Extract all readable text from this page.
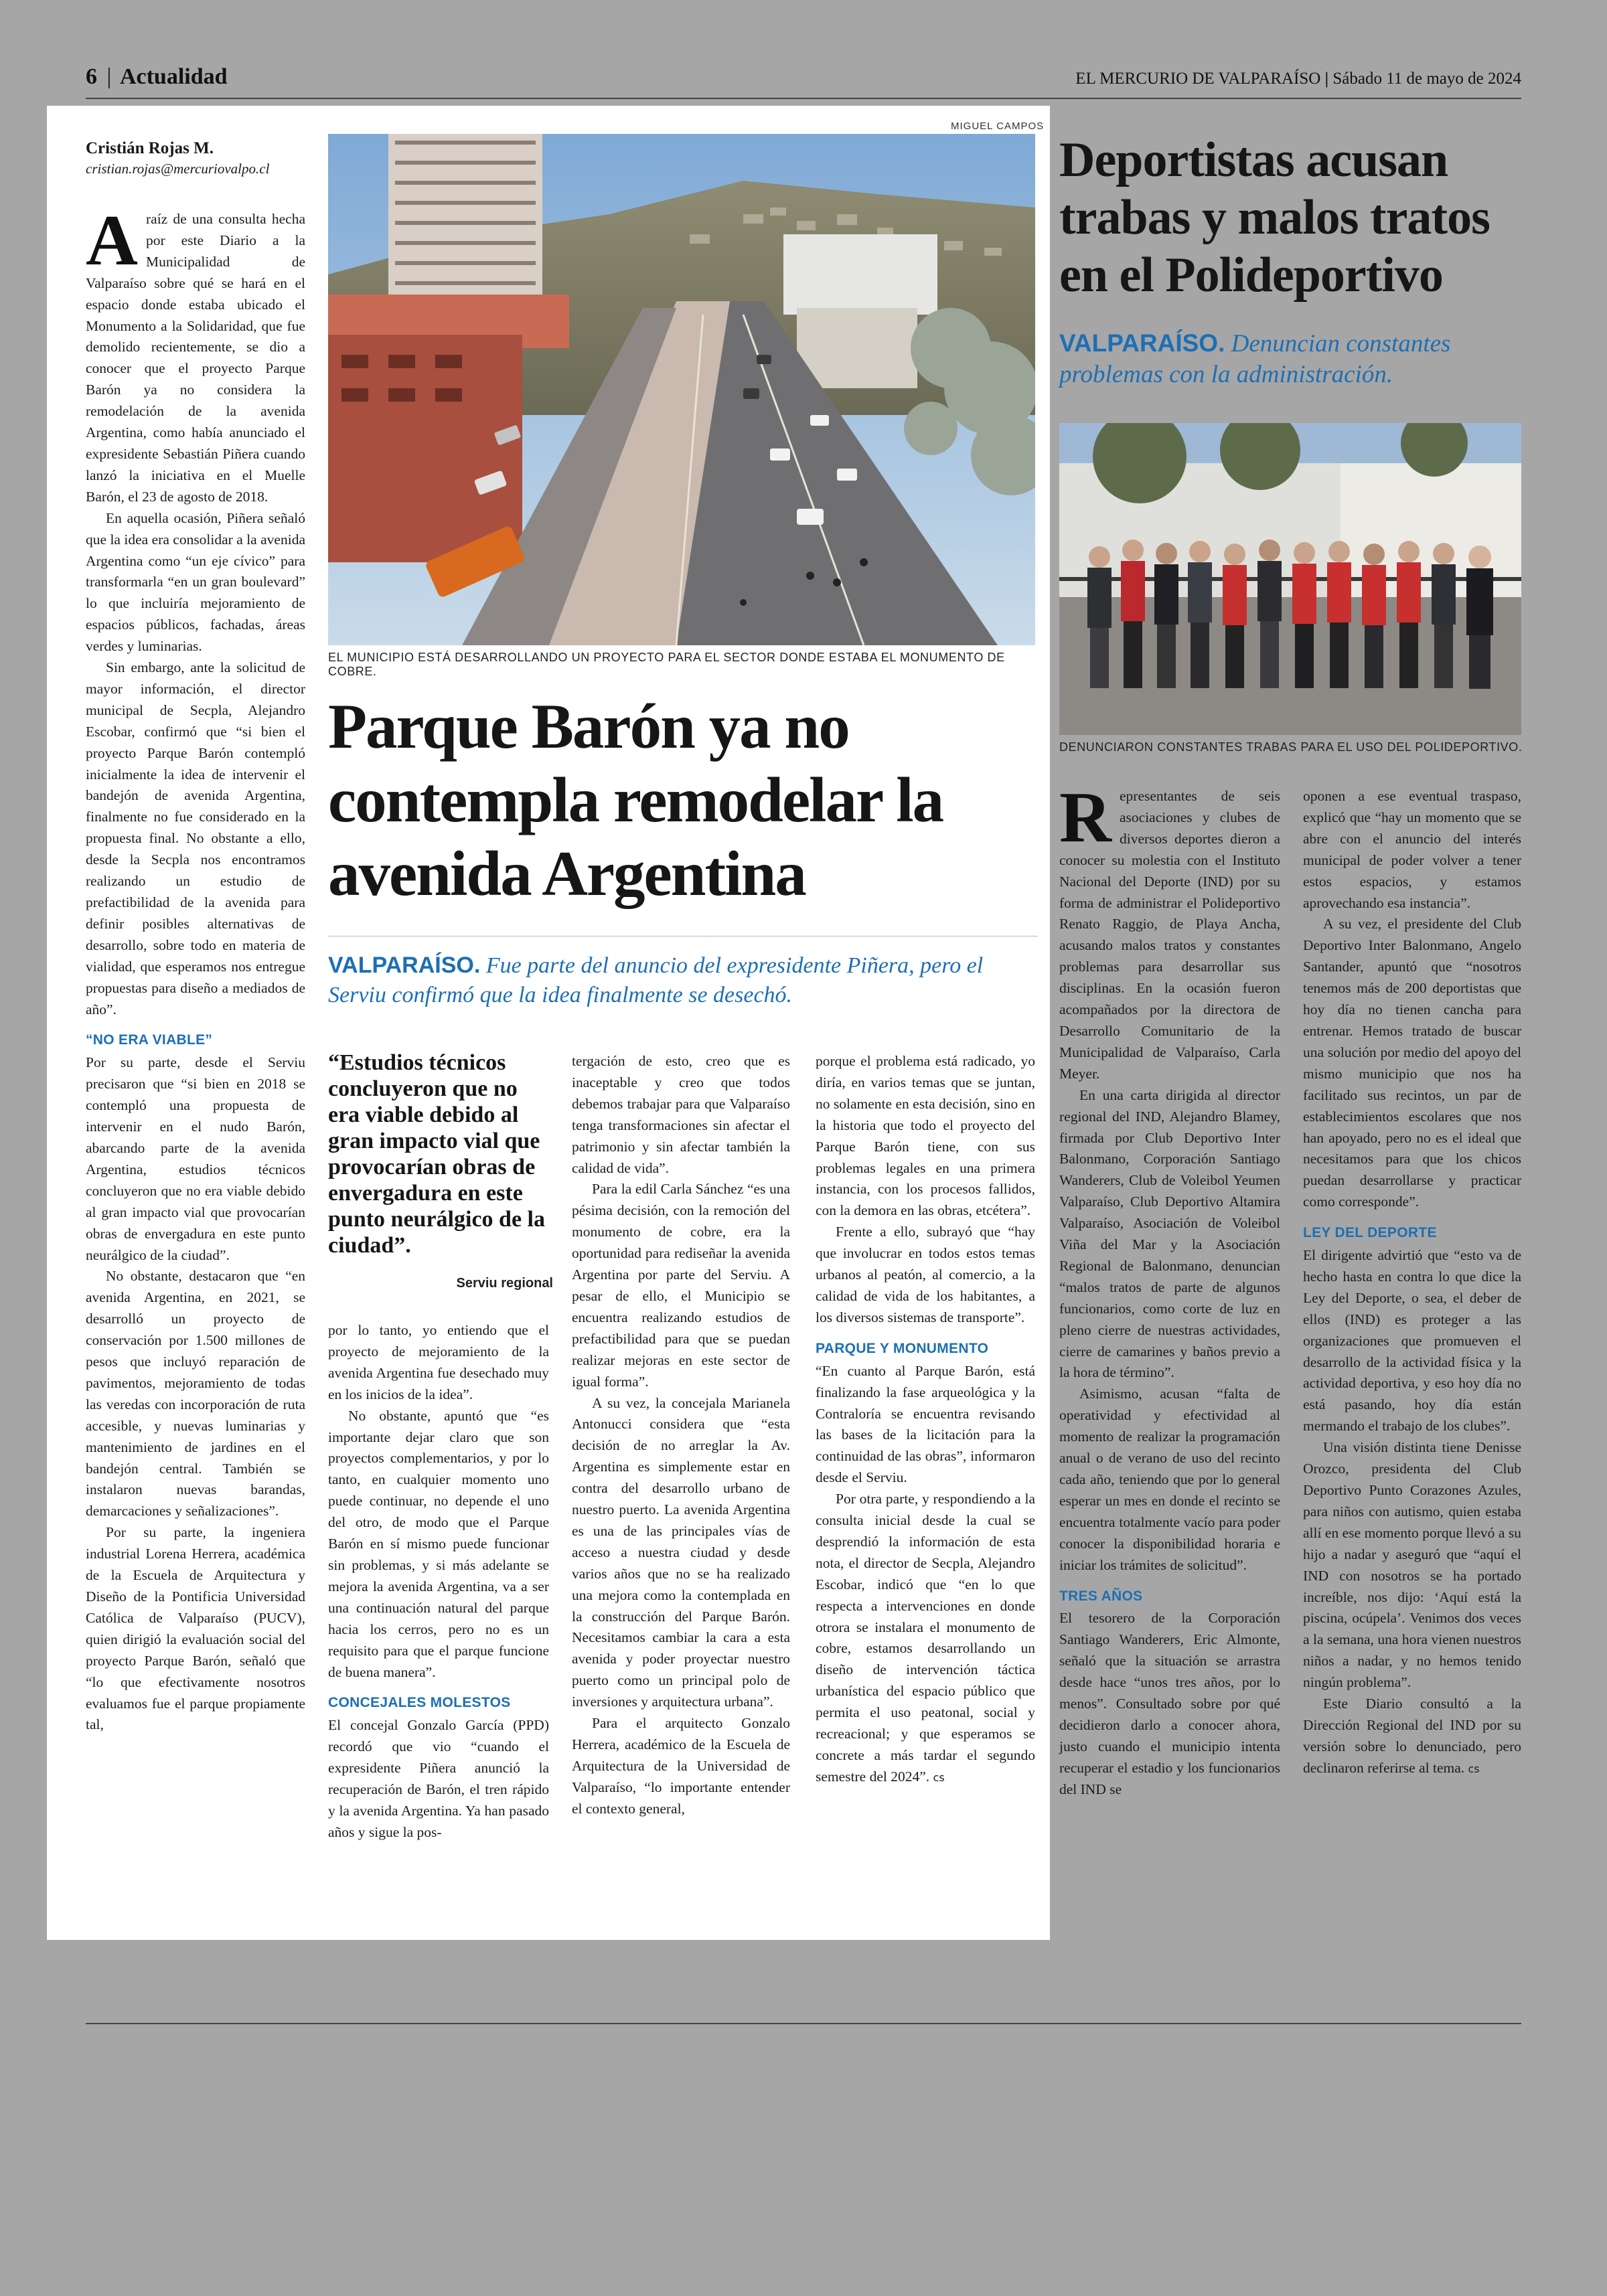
6 | Actualidad	EL MERCURIO DE VALPARAÍSO | Sábado 11 de mayo de 2024
Cristián Rojas M.
cristian.rojas@mercuriovalpo.cl

Araíz de una consulta hecha por este Diario a la Municipalidad de Valparaíso sobre qué se hará en el espacio donde estaba ubicado el Monumento a la Solidaridad, que fue demolido recientemente, se dio a conocer que el proyecto Parque Barón ya no considera la remodelación de la avenida Argentina, como había anunciado el expresidente Sebastián Piñera cuando lanzó la iniciativa en el Muelle Barón, el 23 de agosto de 2018.

En aquella ocasión, Piñera señaló que la idea era consolidar a la avenida Argentina como “un eje cívico” para transformarla “en un gran boulevard” lo que incluiría mejoramiento de espacios públicos, fachadas, áreas verdes y luminarias.

Sin embargo, ante la solicitud de mayor información, el director municipal de Secpla, Alejandro Escobar, confirmó que “si bien el proyecto Parque Barón contempló inicialmente la idea de intervenir el bandejón de avenida Argentina, finalmente no fue considerado en la propuesta final. No obstante a ello, desde la Secpla nos encontramos realizando un estudio de prefactibilidad de la avenida para definir posibles alternativas de desarrollo, sobre todo en materia de vialidad, que esperamos nos entregue propuestas para diseño a mediados de año”.

“NO ERA VIABLE”

Por su parte, desde el Serviu precisaron que “si bien en 2018 se contempló una propuesta de intervenir en el nudo Barón, abarcando parte de la avenida Argentina, estudios técnicos concluyeron que no era viable debido al gran impacto vial que provocarían obras de envergadura en este punto neurálgico de la ciudad”.

No obstante, destacaron que “en avenida Argentina, en 2021, se desarrolló un proyecto de conservación por 1.500 millones de pesos que incluyó reparación de pavimentos, mejoramiento de todas las veredas con incorporación de ruta accesible, y nuevas luminarias y mantenimiento de jardines en el bandejón central. También se instalaron nuevas barandas, demarcaciones y señalizaciones”.

Por su parte, la ingeniera industrial Lorena Herrera, académica de la Escuela de Arquitectura y Diseño de la Pontificia Universidad Católica de Valparaíso (PUCV), quien dirigió la evaluación social del proyecto Parque Barón, señaló que “lo que efectivamente nosotros evaluamos fue el parque propiamente tal,

MIGUEL CAMPOS
EL MUNICIPIO ESTÁ DESARROLLANDO UN PROYECTO PARA EL SECTOR DONDE ESTABA EL MONUMENTO DE COBRE.
Parque Barón ya no contempla remodelar la avenida Argentina
VALPARAÍSO. Fue parte del anuncio del expresidente Piñera, pero el Serviu confirmó que la idea finalmente se desechó.
“Estudios técnicos concluyeron que no era viable debido al gran impacto vial que provocarían obras de envergadura en este punto neurálgico de la ciudad”.
Serviu regional

por lo tanto, yo entiendo que el proyecto de mejoramiento de la avenida Argentina fue desechado muy en los inicios de la idea”.

No obstante, apuntó que “es importante dejar claro que son proyectos complementarios, y por lo tanto, en cualquier momento uno puede continuar, no depende el uno del otro, de modo que el Parque Barón en sí mismo puede funcionar sin problemas, y si más adelante se mejora la avenida Argentina, va a ser una continuación natural del parque hacia los cerros, pero no es un requisito para que el parque funcione de buena manera”.

CONCEJALES MOLESTOS

El concejal Gonzalo García (PPD) recordó que vio “cuando el expresidente Piñera anunció la recuperación de Barón, el tren rápido y la avenida Argentina. Ya han pasado años y sigue la pos-

tergación de esto, creo que es inaceptable y creo que todos debemos trabajar para que Valparaíso tenga transformaciones sin afectar el patrimonio y sin afectar también la calidad de vida”.

Para la edil Carla Sánchez “es una pésima decisión, con la remoción del monumento de cobre, era la oportunidad para rediseñar la avenida Argentina por parte del Serviu. A pesar de ello, el Municipio se encuentra realizando estudios de prefactibilidad para que se puedan realizar mejoras en este sector de igual forma”.

A su vez, la concejala Marianela Antonucci considera que “esta decisión de no arreglar la Av. Argentina es simplemente estar en contra del desarrollo urbano de nuestro puerto. La avenida Argentina es una de las principales vías de acceso a nuestra ciudad y desde varios años que no se ha realizado una mejora como la contemplada en la construcción del Parque Barón. Necesitamos cambiar la cara a esta avenida y poder proyectar nuestro puerto como un principal polo de inversiones y arquitectura urbana”.

Para el arquitecto Gonzalo Herrera, académico de la Escuela de Arquitectura de la Universidad de Valparaíso, “lo importante entender el contexto general,

porque el problema está radicado, yo diría, en varios temas que se juntan, no solamente en esta decisión, sino en la historia que todo el proyecto del Parque Barón tiene, con sus problemas legales en una primera instancia, con los procesos fallidos, con la demora en las obras, etcétera”.

Frente a ello, subrayó que “hay que involucrar en todos estos temas urbanos al peatón, al comercio, a la calidad de vida de los habitantes, a los diversos sistemas de transporte”.

PARQUE Y MONUMENTO

“En cuanto al Parque Barón, está finalizando la fase arqueológica y la Contraloría se encuentra revisando las bases de la licitación para la continuidad de las obras”, informaron desde el Serviu.

Por otra parte, y respondiendo a la consulta inicial desde la cual se desprendió la información de esta nota, el director de Secpla, Alejandro Escobar, indicó que “en lo que respecta a intervenciones en donde otrora se instalara el monumento de cobre, estamos desarrollando un diseño de intervención táctica urbanística del espacio público que permita el uso peatonal, social y recreacional; y que esperamos se concrete a más tardar el segundo semestre del 2024”. cs

Deportistas acusan trabas y malos tratos en el Polideportivo
VALPARAÍSO. Denuncian constantes problemas con la administración.
DENUNCIARON CONSTANTES TRABAS PARA EL USO DEL POLIDEPORTIVO.

Representantes de seis asociaciones y clubes de diversos deportes dieron a conocer su molestia con el Instituto Nacional del Deporte (IND) por su forma de administrar el Polideportivo Renato Raggio, de Playa Ancha, acusando malos tratos y constantes problemas para desarrollar sus disciplinas. En la ocasión fueron acompañados por la directora de Desarrollo Comunitario de la Municipalidad de Valparaíso, Carla Meyer.

En una carta dirigida al director regional del IND, Alejandro Blamey, firmada por Club Deportivo Inter Balonmano, Corporación Santiago Wanderers, Club de Voleibol Yeumen Valparaíso, Club Deportivo Altamira Valparaíso, Asociación de Voleibol Viña del Mar y la Asociación Regional de Balonmano, denuncian “malos tratos de parte de algunos funcionarios, como corte de luz en pleno cierre de nuestras actividades, cierre de camarines y baños previo a la hora de término”.

Asimismo, acusan “falta de operatividad y efectividad al momento de realizar la programación anual o de verano de uso del recinto cada año, teniendo que por lo general esperar un mes en donde el recinto se encuentra totalmente vacío para poder conocer la disponibilidad horaria e iniciar los trámites de solicitud”.

TRES AÑOS

El tesorero de la Corporación Santiago Wanderers, Eric Almonte, señaló que la situación se arrastra desde hace “unos tres años, por lo menos”. Consultado sobre por qué decidieron darlo a conocer ahora, justo cuando el municipio intenta recuperar el estadio y los funcionarios del IND se

oponen a ese eventual traspaso, explicó que “hay un momento que se abre con el anuncio del interés municipal de poder volver a tener estos espacios, y estamos aprovechando esa instancia”.

A su vez, el presidente del Club Deportivo Inter Balonmano, Angelo Santander, apuntó que “nosotros tenemos más de 200 deportistas que hoy día no tienen cancha para entrenar. Hemos tratado de buscar una solución por medio del apoyo del mismo municipio que nos ha facilitado sus recintos, un par de establecimientos escolares que nos han apoyado, pero no es el ideal que necesitamos para que los chicos puedan desarrollarse y practicar como corresponde”.

LEY DEL DEPORTE

El dirigente advirtió que “esto va de hecho hasta en contra lo que dice la Ley del Deporte, o sea, el deber de ellos (IND) es proteger a las organizaciones que promueven el desarrollo de la actividad física y la actividad deportiva, y eso hoy día no está pasando, hoy día están mermando el trabajo de los clubes”.

Una visión distinta tiene Denisse Orozco, presidenta del Club Deportivo Punto Corazones Azules, para niños con autismo, quien estaba allí en ese momento porque llevó a su hijo a nadar y aseguró que “aquí el IND con nosotros se ha portado increíble, nos dijo: ‘Aquí está la piscina, ocúpela’. Venimos dos veces a la semana, una hora vienen nuestros niños a nadar, y no hemos tenido ningún problema”.

Este Diario consultó a la Dirección Regional del IND por su versión sobre lo denunciado, pero declinaron referirse al tema. cs
